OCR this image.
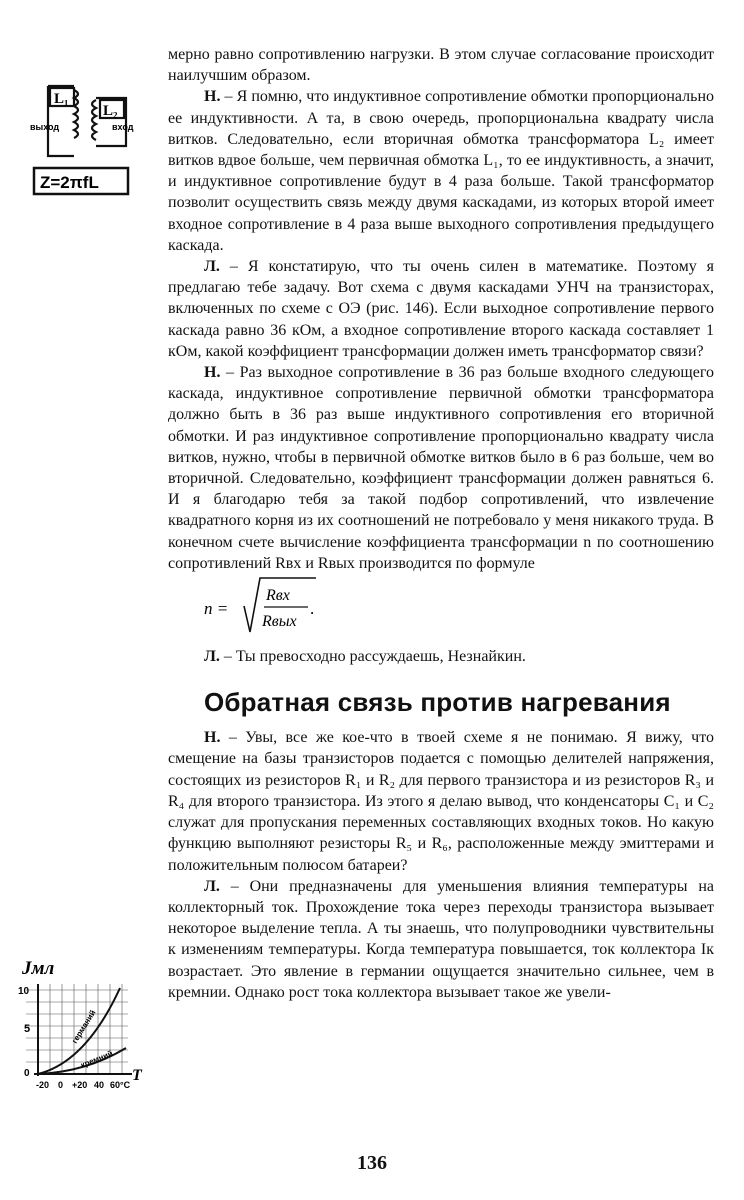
L₁
L₂
выход	вход
Z=2πfL
Jмл
10
5
0
-20 0 +20 40 60°C
T
германий
кремний

мерно равно сопротивлению нагрузки. В этом случае согласование происходит наилучшим образом.

Н. – Я помню, что индуктивное сопротивление обмотки пропорционально ее индуктивности. А та, в свою очередь, пропорциональна квадрату числа витков. Следовательно, если вторичная обмотка трансформатора L₂ имеет витков вдвое больше, чем первичная обмотка L₁, то ее индуктивность, а значит, и индуктивное сопротивление будут в 4 раза больше. Такой трансформатор позволит осуществить связь между двумя каскадами, из которых второй имеет входное сопротивление в 4 раза выше выходного сопротивления предыдущего каскада.

Л. – Я констатирую, что ты очень силен в математике. Поэтому я предлагаю тебе задачу. Вот схема с двумя каскадами УНЧ на транзисторах, включенных по схеме с ОЭ (рис. 146). Если выходное сопротивление первого каскада равно 36 кОм, а входное сопротивление второго каскада составляет 1 кОм, какой коэффициент трансформации должен иметь трансформатор связи?

Н. – Раз выходное сопротивление в 36 раз больше входного следующего каскада, индуктивное сопротивление первичной обмотки трансформатора должно быть в 36 раз выше индуктивного сопротивления его вторичной обмотки. И раз индуктивное сопротивление пропорционально квадрату числа витков, нужно, чтобы в первичной обмотке витков было в 6 раз больше, чем во вторичной. Следовательно, коэффициент трансформации должен равняться 6. И я благодарю тебя за такой подбор сопротивлений, что извлечение квадратного корня из их соотношений не потребовало у меня никакого труда. В конечном счете вычисление коэффициента трансформации n по соотношению сопротивлений Rвх и Rвых производится по формуле

n =
Rвх
Rвых
.

Л. – Ты превосходно рассуждаешь, Незнайкин.

Обратная связь против нагревания

Н. – Увы, все же кое-что в твоей схеме я не понимаю. Я вижу, что смещение на базы транзисторов подается с помощью делителей напряжения, состоящих из резисторов R₁ и R₂ для первого транзистора и из резисторов R₃ и R₄ для второго транзистора. Из этого я делаю вывод, что конденсаторы C₁ и C₂ служат для пропускания переменных составляющих входных токов. Но какую функцию выполняют резисторы R₅ и R₆, расположенные между эмиттерами и положительным полюсом батареи?

Л. – Они предназначены для уменьшения влияния температуры на коллекторный ток. Прохождение тока через переходы транзистора вызывает некоторое выделение тепла. А ты знаешь, что полупроводники чувствительны к изменениям температуры. Когда температура повышается, ток коллектора Iк возрастает. Это явление в германии ощущается значительно сильнее, чем в кремнии. Однако рост тока коллектора вызывает такое же увели-

136
